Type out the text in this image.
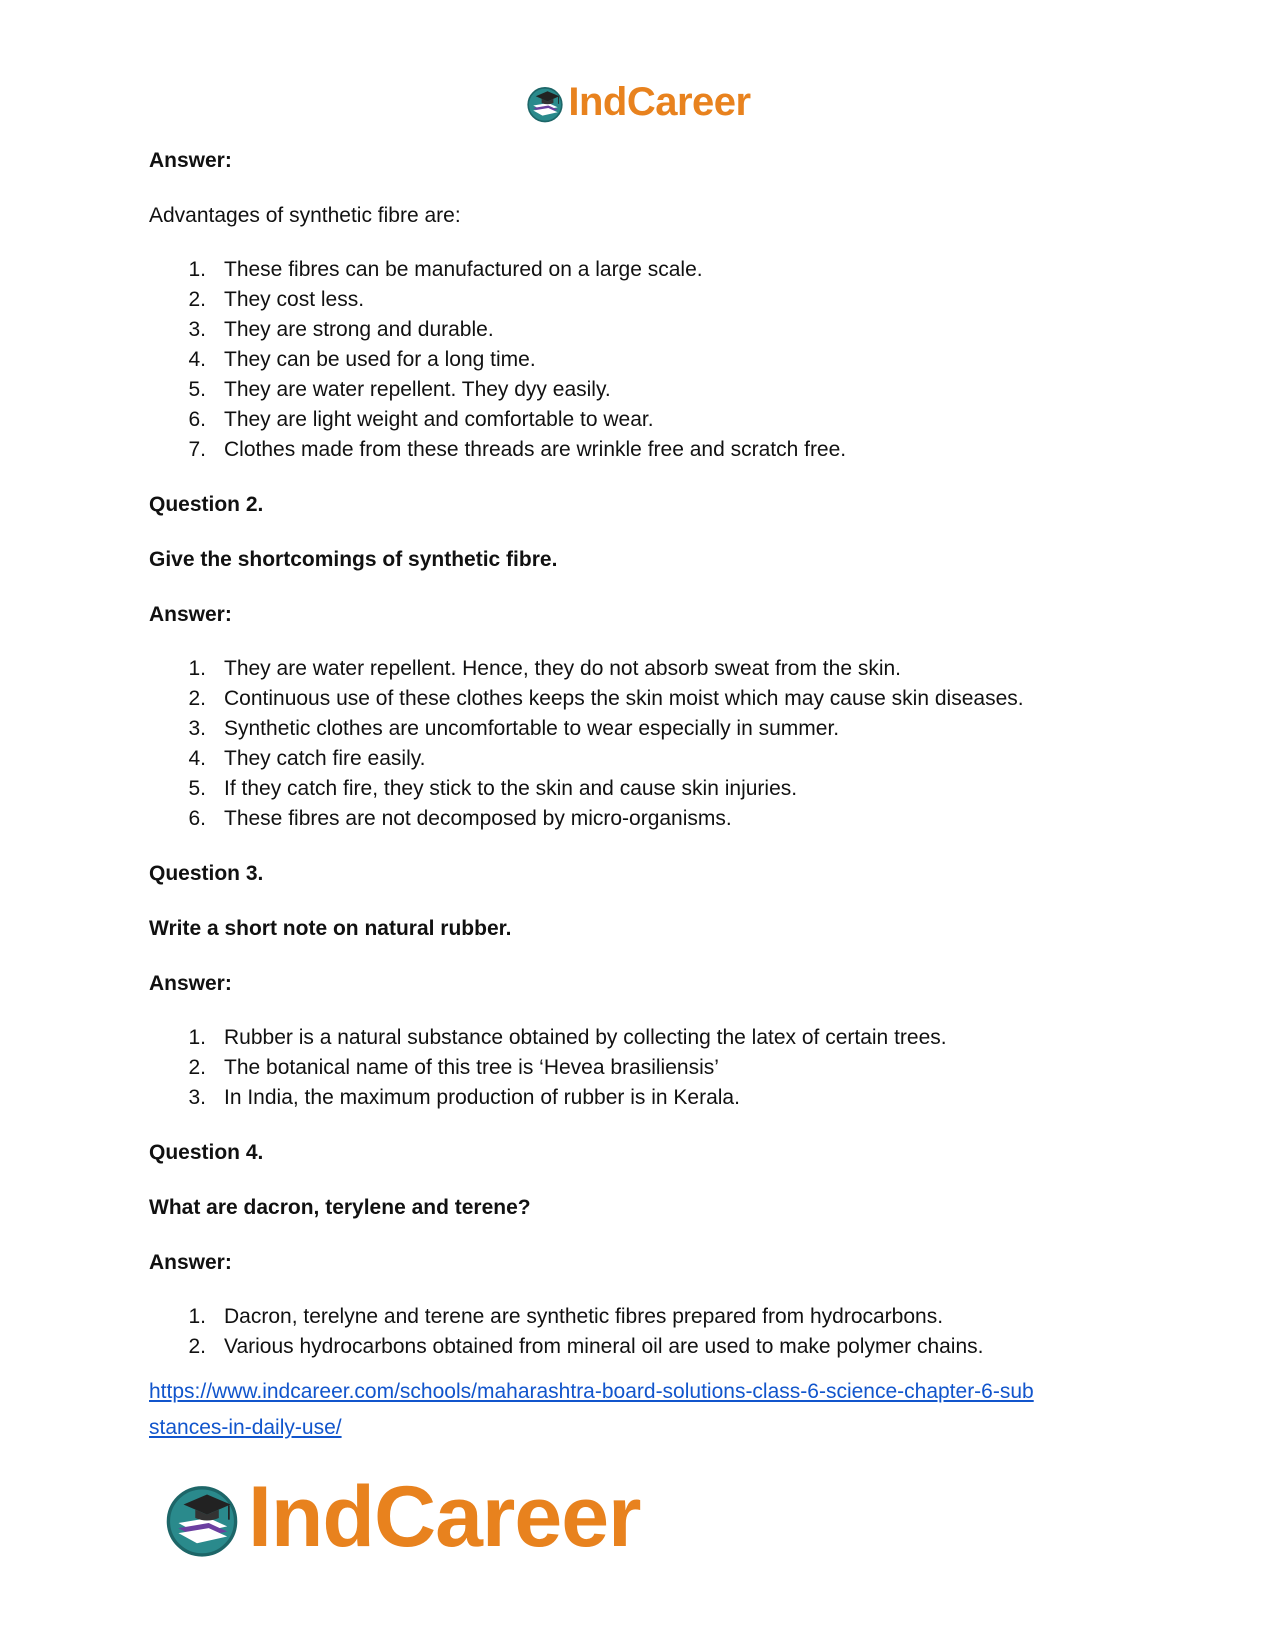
IndCareer

Answer:

Advantages of synthetic fibre are:

1. These fibres can be manufactured on a large scale.
2. They cost less.
3. They are strong and durable.
4. They can be used for a long time.
5. They are water repellent. They dyy easily.
6. They are light weight and comfortable to wear.
7. Clothes made from these threads are wrinkle free and scratch free.

Question 2.

Give the shortcomings of synthetic fibre.

Answer:

1. They are water repellent. Hence, they do not absorb sweat from the skin.
2. Continuous use of these clothes keeps the skin moist which may cause skin diseases.
3. Synthetic clothes are uncomfortable to wear especially in summer.
4. They catch fire easily.
5. If they catch fire, they stick to the skin and cause skin injuries.
6. These fibres are not decomposed by micro-organisms.

Question 3.

Write a short note on natural rubber.

Answer:

1. Rubber is a natural substance obtained by collecting the latex of certain trees.
2. The botanical name of this tree is ‘Hevea brasiliensis’
3. In India, the maximum production of rubber is in Kerala.

Question 4.

What are dacron, terylene and terene?

Answer:

1. Dacron, terelyne and terene are synthetic fibres prepared from hydrocarbons.
2. Various hydrocarbons obtained from mineral oil are used to make polymer chains.
https://www.indcareer.com/schools/maharashtra-board-solutions-class-6-science-chapter-6-sub
stances-in-daily-use/
IndCareer
